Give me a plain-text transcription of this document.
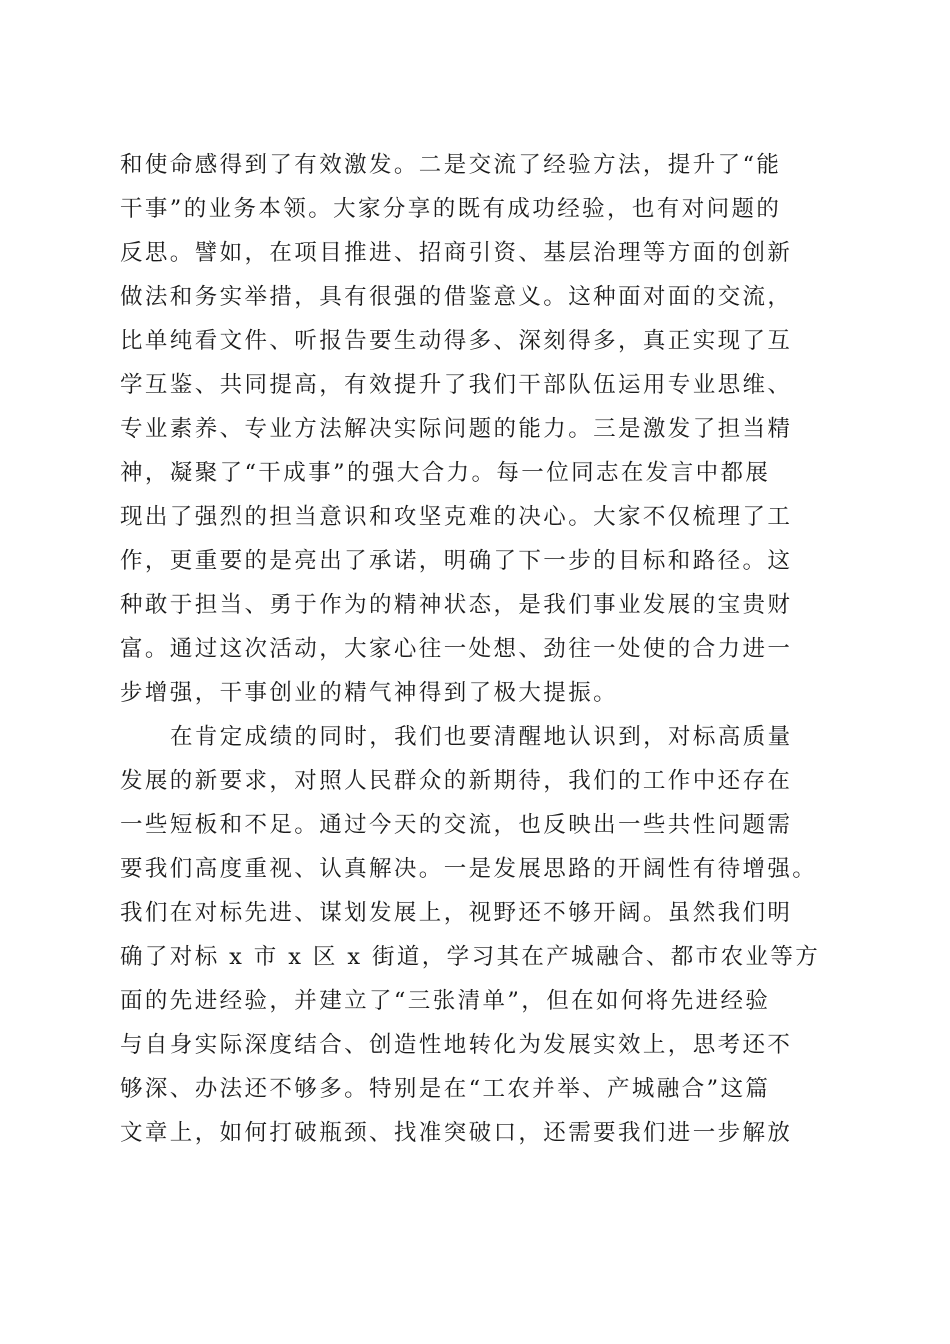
和使命感得到了有效激发。二是交流了经验方法，提升了“能
干事”的业务本领。大家分享的既有成功经验，也有对问题的
反思。譬如，在项目推进、招商引资、基层治理等方面的创新
做法和务实举措，具有很强的借鉴意义。这种面对面的交流，
比单纯看文件、听报告要生动得多、深刻得多，真正实现了互
学互鉴、共同提高，有效提升了我们干部队伍运用专业思维、
专业素养、专业方法解决实际问题的能力。三是激发了担当精
神，凝聚了“干成事”的强大合力。每一位同志在发言中都展
现出了强烈的担当意识和攻坚克难的决心。大家不仅梳理了工
作，更重要的是亮出了承诺，明确了下一步的目标和路径。这
种敢于担当、勇于作为的精神状态，是我们事业发展的宝贵财
富。通过这次活动，大家心往一处想、劲往一处使的合力进一
步增强，干事创业的精气神得到了极大提振。
在肯定成绩的同时，我们也要清醒地认识到，对标高质量
发展的新要求，对照人民群众的新期待，我们的工作中还存在
一些短板和不足。通过今天的交流，也反映出一些共性问题需
要我们高度重视、认真解决。一是发展思路的开阔性有待增强。
我们在对标先进、谋划发展上，视野还不够开阔。虽然我们明
确了对标 x 市 x 区 x 街道，学习其在产城融合、都市农业等方
面的先进经验，并建立了“三张清单”，但在如何将先进经验
与自身实际深度结合、创造性地转化为发展实效上，思考还不
够深、办法还不够多。特别是在“工农并举、产城融合”这篇
文章上，如何打破瓶颈、找准突破口，还需要我们进一步解放
